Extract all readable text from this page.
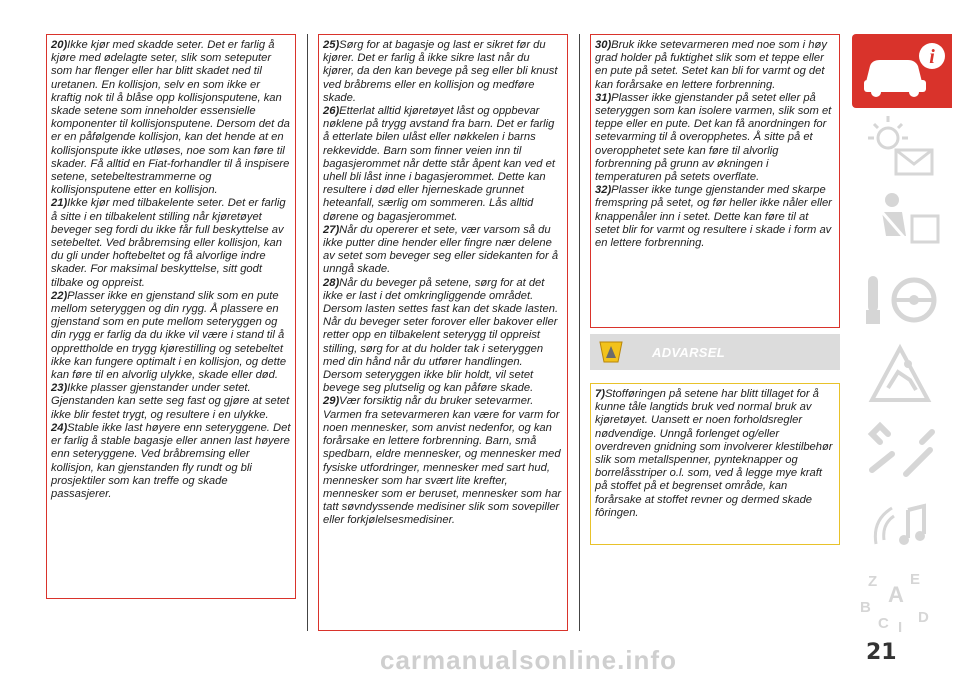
20)Ikke kjør med skadde seter. Det er farlig å kjøre med ødelagte seter, slik som seteputer som har flenger eller har blitt skadet ned til uretanen. En kollisjon, selv en som ikke er kraftig nok til å blåse opp kollisjonsputene, kan skade setene som inneholder essensielle komponenter til kollisjonsputene. Dersom det da er en påfølgende kollisjon, kan det hende at en kollisjonspute ikke utløses, noe som kan føre til skader. Få alltid en Fiat-forhandler til å inspisere setene, setebeltestrammerne og kollisjonsputene etter en kollisjon.

21)Ikke kjør med tilbakelente seter. Det er farlig å sitte i en tilbakelent stilling når kjøretøyet beveger seg fordi du ikke får full beskyttelse av setebeltet. Ved bråbremsing eller kollisjon, kan du gli under hoftebeltet og få alvorlige indre skader. For maksimal beskyttelse, sitt godt tilbake og oppreist.

22)Plasser ikke en gjenstand slik som en pute mellom seteryggen og din rygg. Å plassere en gjenstand som en pute mellom seteryggen og din rygg er farlig da du ikke vil være i stand til å opprettholde en trygg kjørestilling og setebeltet ikke kan fungere optimalt i en kollisjon, og dette kan føre til en alvorlig ulykke, skade eller død.

23)Ikke plasser gjenstander under setet. Gjenstanden kan sette seg fast og gjøre at setet ikke blir festet trygt, og resultere i en ulykke.

24)Stable ikke last høyere enn seteryggene. Det er farlig å stable bagasje eller annen last høyere enn seteryggene. Ved bråbremsing eller kollisjon, kan gjenstanden fly rundt og bli prosjektiler som kan treffe og skade passasjerer.

25)Sørg for at bagasje og last er sikret før du kjører. Det er farlig å ikke sikre last når du kjører, da den kan bevege på seg eller bli knust ved bråbrems eller en kollisjon og medføre skade.

26)Etterlat alltid kjøretøyet låst og oppbevar nøklene på trygg avstand fra barn. Det er farlig å etterlate bilen ulåst eller nøkkelen i barns rekkevidde. Barn som finner veien inn til bagasjerommet når dette står åpent kan ved et uhell bli låst inne i bagasjerommet. Dette kan resultere i død eller hjerneskade grunnet heteanfall, særlig om sommeren. Lås alltid dørene og bagasjerommet.

27)Når du opererer et sete, vær varsom så du ikke putter dine hender eller fingre nær delene av setet som beveger seg eller sidekanten for å unngå skade.

28)Når du beveger på setene, sørg for at det ikke er last i det omkringliggende området. Dersom lasten settes fast kan det skade lasten. Når du beveger seter forover eller bakover eller retter opp en tilbakelent seterygg til oppreist stilling, sørg for at du holder tak i seteryggen med din hånd når du utfører handlingen. Dersom seteryggen ikke blir holdt, vil setet bevege seg plutselig og kan påføre skade.

29)Vær forsiktig når du bruker setevarmer. Varmen fra setevarmeren kan være for varm for noen mennesker, som anvist nedenfor, og kan forårsake en lettere forbrenning. Barn, små spedbarn, eldre mennesker, og mennesker med fysiske utfordringer, mennesker med sart hud, mennesker som har svært lite krefter, mennesker som er beruset, mennesker som har tatt søvndyssende medisiner slik som sovepiller eller forkjølelsesmedisiner.

30)Bruk ikke setevarmeren med noe som i høy grad holder på fuktighet slik som et teppe eller en pute på setet. Setet kan bli for varmt og det kan forårsake en lettere forbrenning.

31)Plasser ikke gjenstander på setet eller på seteryggen som kan isolere varmen, slik som et teppe eller en pute. Det kan få anordningen for setevarming til å overopphetes. Å sitte på et overopphetet sete kan føre til alvorlig forbrenning på grunn av økningen i temperaturen på setets overflate.

32)Plasser ikke tunge gjenstander med skarpe fremspring på setet, og før heller ikke nåler eller knappenåler inn i setet. Dette kan føre til at setet blir for varmt og resultere i skade i form av en lettere forbrenning.

ADVARSEL

7)Stofføringen på setene har blitt tillaget for å kunne tåle langtids bruk ved normal bruk av kjøretøyet. Uansett er noen forholdsregler nødvendige. Unngå forlenget og/eller overdreven gnidning som involverer klestilbehør slik som metallspenner, pynteknapper og borrelåsstriper o.l. som, ved å legge mye kraft på stoffet på et begrenset område, kan forårsake at stoffet revner og dermed skade fôringen.

i
Z E
A
B
C D
I
21
carmanualsonline.info
